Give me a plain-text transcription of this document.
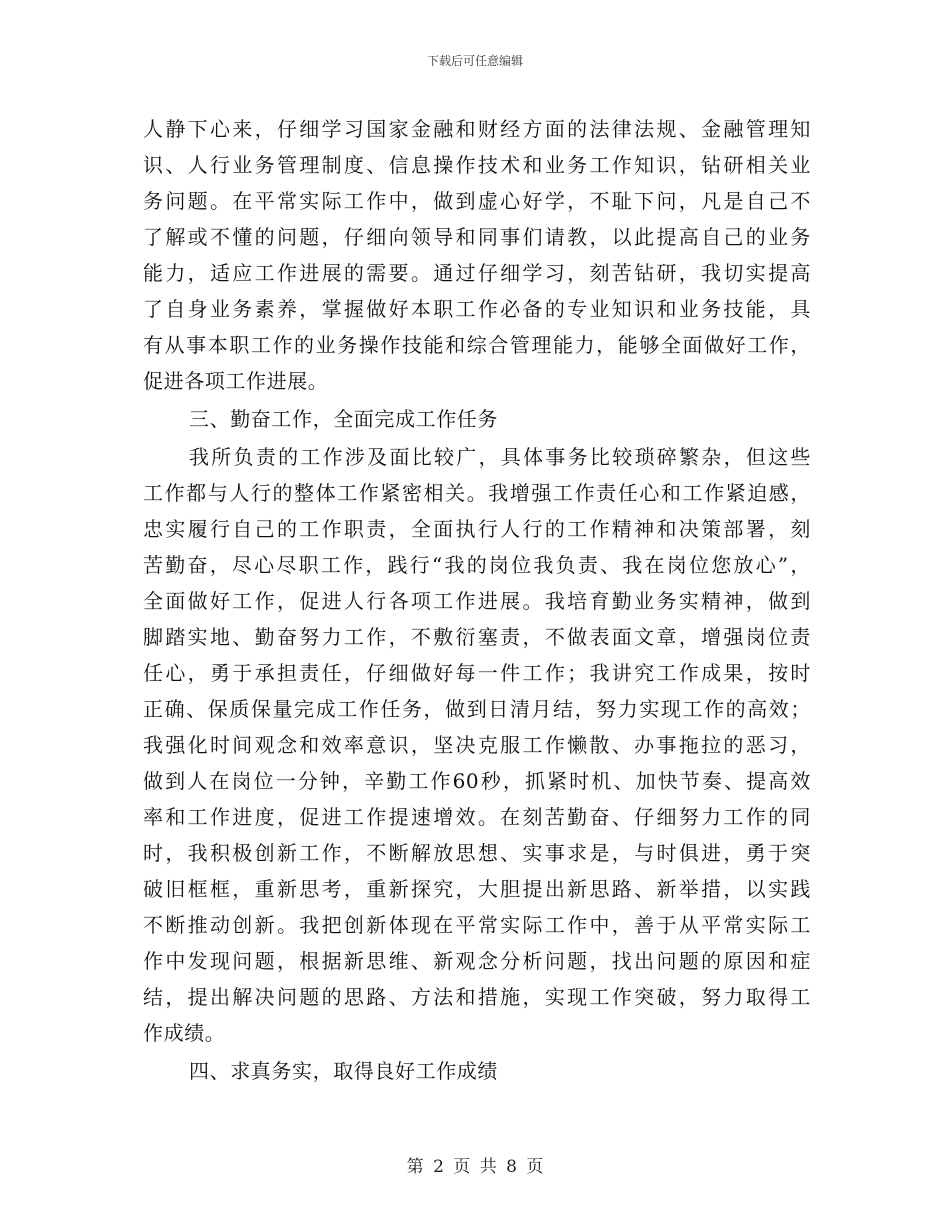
下载后可任意编辑
人静下心来，仔细学习国家金融和财经方面的法律法规、金融管理知
识、人行业务管理制度、信息操作技术和业务工作知识，钻研相关业
务问题。在平常实际工作中，做到虚心好学，不耻下问，凡是自己不
了解或不懂的问题，仔细向领导和同事们请教，以此提高自己的业务
能力，适应工作进展的需要。通过仔细学习，刻苦钻研，我切实提高
了自身业务素养，掌握做好本职工作必备的专业知识和业务技能，具
有从事本职工作的业务操作技能和综合管理能力，能够全面做好工作，
促进各项工作进展。
三、勤奋工作，全面完成工作任务
我所负责的工作涉及面比较广，具体事务比较琐碎繁杂，但这些
工作都与人行的整体工作紧密相关。我增强工作责任心和工作紧迫感，
忠实履行自己的工作职责，全面执行人行的工作精神和决策部署，刻
苦勤奋，尽心尽职工作，践行“我的岗位我负责、我在岗位您放心”，
全面做好工作，促进人行各项工作进展。我培育勤业务实精神，做到
脚踏实地、勤奋努力工作，不敷衍塞责，不做表面文章，增强岗位责
任心，勇于承担责任，仔细做好每一件工作；我讲究工作成果，按时
正确、保质保量完成工作任务，做到日清月结，努力实现工作的高效；
我强化时间观念和效率意识，坚决克服工作懒散、办事拖拉的恶习，
做到人在岗位一分钟，辛勤工作60秒，抓紧时机、加快节奏、提高效
率和工作进度，促进工作提速增效。在刻苦勤奋、仔细努力工作的同
时，我积极创新工作，不断解放思想、实事求是，与时俱进，勇于突
破旧框框，重新思考，重新探究，大胆提出新思路、新举措，以实践
不断推动创新。我把创新体现在平常实际工作中，善于从平常实际工
作中发现问题，根据新思维、新观念分析问题，找出问题的原因和症
结，提出解决问题的思路、方法和措施，实现工作突破，努力取得工
作成绩。
四、求真务实，取得良好工作成绩
第 2 页 共 8 页
